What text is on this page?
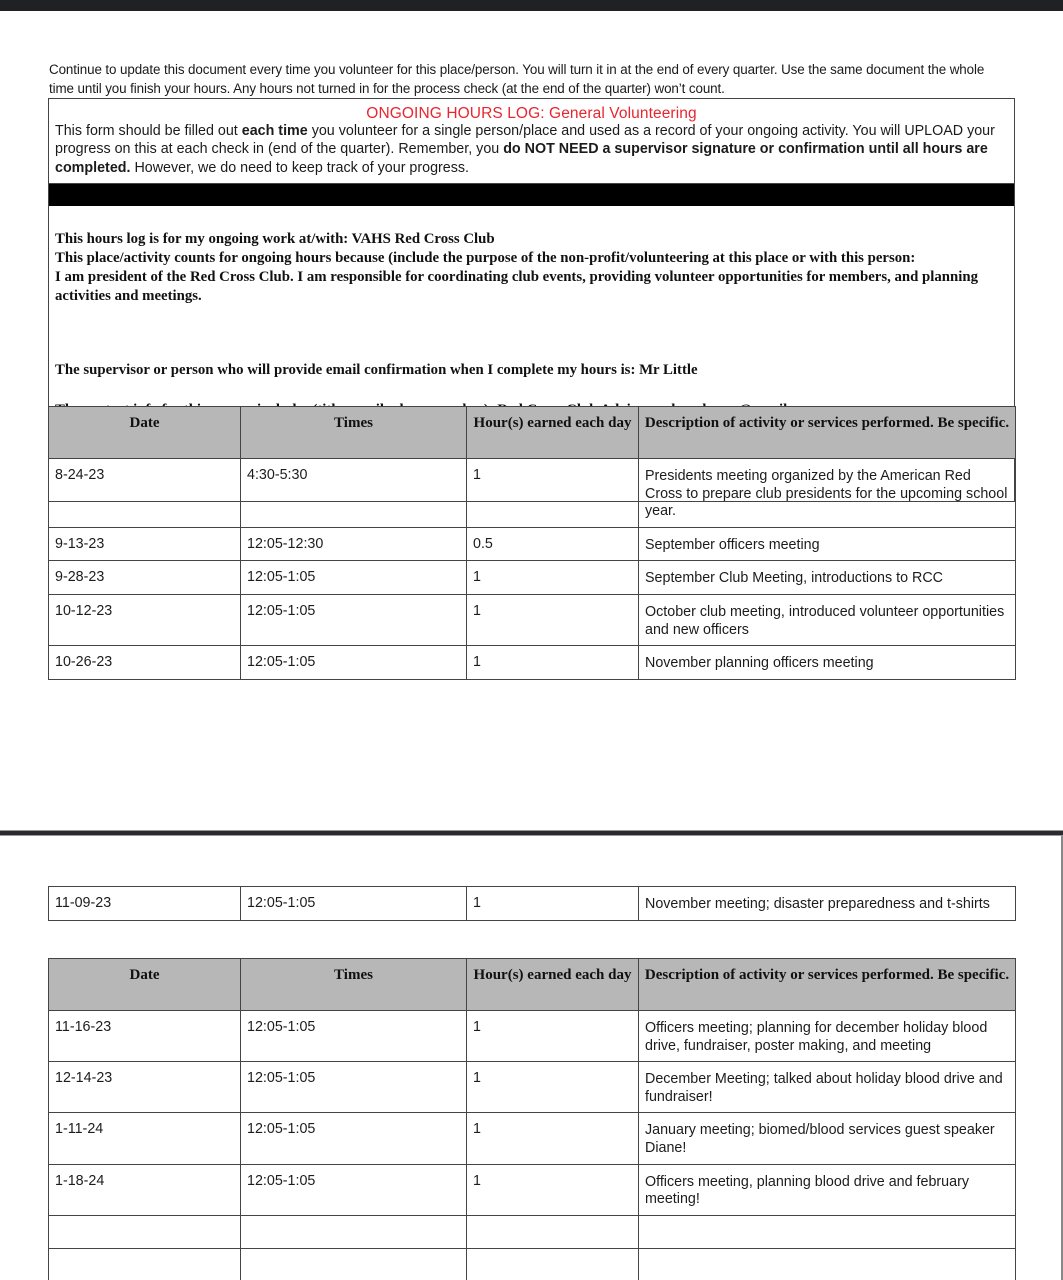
Continue to update this document every time you volunteer for this place/person. You will turn it in at the end of every quarter. Use the same document the whole time until you finish your hours. Any hours not turned in for the process check (at the end of the quarter) won’t count.

ONGOING HOURS LOG: General Volunteering
This form should be filled out each time you volunteer for a single person/place and used as a record of your ongoing activity. You will UPLOAD your progress on this at each check in (end of the quarter). Remember, you do NOT NEED a supervisor signature or confirmation until all hours are completed. However, we do need to keep track of your progress.

This hours log is for my ongoing work at/with: VAHS Red Cross Club

This place/activity counts for ongoing hours because (include the purpose of the non-profit/volunteering at this place or with this person:

I am president of the Red Cross Club. I am responsible for coordinating club events, providing volunteer opportunities for members, and planning activities and meetings.

The supervisor or person who will provide email confirmation when I complete my hours is: Mr Little

Date	Times	Hour(s) earned each day	Description of activity or services performed. Be specific.
8-24-23	4:30-5:30	1	Presidents meeting organized by the American Red Cross to prepare club presidents for the upcoming school year.
9-13-23	12:05-12:30	0.5	September officers meeting
9-28-23	12:05-1:05	1	September Club Meeting, introductions to RCC
10-12-23	12:05-1:05	1	October club meeting, introduced volunteer opportunities and new officers
10-26-23	12:05-1:05	1	November planning officers meeting
11-09-23	12:05-1:05	1	November meeting; disaster preparedness and t-shirts
Date	Times	Hour(s) earned each day	Description of activity or services performed. Be specific.
11-16-23	12:05-1:05	1	Officers meeting; planning for december holiday blood drive, fundraiser, poster making, and meeting
12-14-23	12:05-1:05	1	December Meeting; talked about holiday blood drive and fundraiser!
1-11-24	12:05-1:05	1	January meeting; biomed/blood services guest speaker Diane!
1-18-24	12:05-1:05	1	Officers meeting, planning blood drive and february meeting!
